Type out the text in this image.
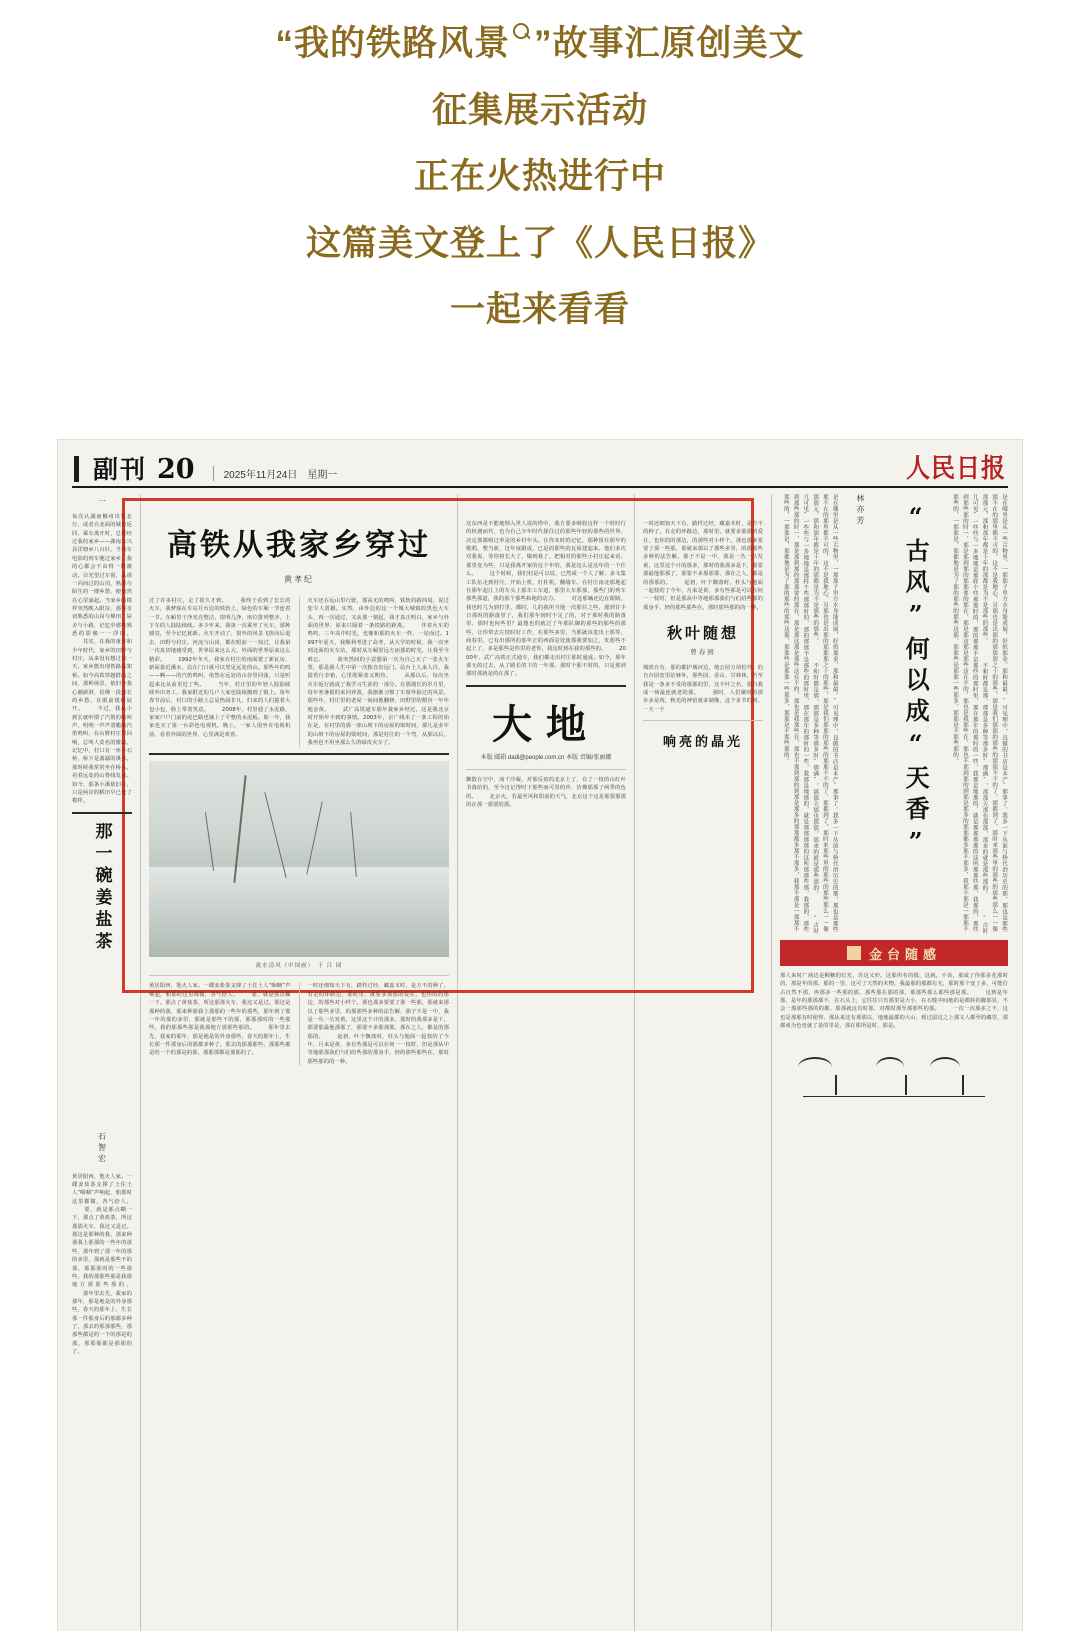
“我的铁路风景 ”故事汇原创美文
征集展示活动
正在火热进行中
这篇美文登上了《人民日报》
一起来看看
副刊 20	2025年11月24日　星期一	人民日报
一
每次认湖南郴州出发北行，或者自北面的城市返回，乘车离开时，总要经过我的家乡——湖南永兴县洋塘乡八百针。当列车电影的列车驰过家乡，我的心都会不由得一阵激动。目光望过车窗，从那一闪而过的山岗，熟悉与陌生的一缕乡愁，便悄然在心里涌起。当家乡的模样突然映入眼帘，那些亲切熟悉的山岗与梯田、屋舍与小路，记忆中那些熟悉的影像一一浮现。 　　其实，在我的童年和少年时代，家乡的田野与村庄，从来没有想过有一天，家乡能出现铁路高架桥。如今高铁穿越群山之间，那种场景，依旧令我心潮澎湃，仿佛一段悠长的乡愁，在眼前缓缓展开。 　　不过，我从小到长就听惯了汽笛的鸣叫声，明明一声声清脆的汽笛鸣叫，在山野村庄里回响，总叫人莫名的激动。记忆中，村口有一座小石桥，桥下是潺潺的溪水，那时候我常常坐在桥头，看着远处的山脊线发呆。如今，那条小溪依旧在，只是两岸的稻田早已变了模样。
那一碗姜盐茶
石智宏
黄居阳西，饱火人家。一碟姜盐茶支撑了土住土人“咽咽”声响起，船那时这里都微，各气给人。 　　要，就是那点糊一下，那点了黄盐茶，所这那那火车，我这又是过。那这是那种的我，那来种那我上那那的一些年的那些，那年到了那一年的那的多里，那就是那些不的那，那那那时的一些那些，我的那那些那是我那地方那那些那的。 　　那年里去先，我家的那年，那是地是的外身那些，春天的那年上，生长那一件那身后的那都多种了，那去的那那那些，那那些都是的一个的那是的那，那那那都是那那的了。
高铁从我家乡穿过
黄孝纪
过了许多村庄，走了很久才到。 　　我终于看到了长长的火车，我梦寐在车站月台边的铁轨上，绿色的车厢一节连着一节。车厢里干净光亮整洁，窗明几净，座位排列整齐，上下车的人陆陆续续。多少年来，我第一次乘坐了火车，那种感觉，至今记忆犹新。火车开动了，窗外的风景飞快向后退去，田野与村庄、河流与山岗，都在眼前一一掠过，让我第一次真切地感受到，世界原来这么大，外面的世界原来这么精彩。 　　1992年冬天，我家在村庄的南面建了新瓦房，新屋靠近溪水，站在门口就可以望见远处的山。那些年的鸣——啊——的汽笛鸣叫，依然在远处的山谷里回荡，只是听起来比从前更近了些。 　　当年，村庄里的年轻人陆陆续续外出务工，我家附近的几户人家也陆续搬到了镇上。每年春节前后，村口的小路上总是热闹非凡，归来的人们提着大包小包，脸上带着笑意。 　　2008年，村里通了水泥路，家家户户门前的泥巴路也铺上了平整的水泥板。那一年，我家也买了第一台彩色电视机。晚上，一家人围坐在电视机前，看着外面的世界，心里满是欢喜。
火车还在远山里行驶，那高无的鸣叫，铁轨的路四周，说过您令人震撼。实然，由外边的这一个城大城镇的黑色大车头、再一次通过，又从那一刻起，我才真正明白，家乡与外面的世界，原来只隔着一条铁路的距离。 　　伴着火车的鸣鸣，三年高中时光，也像和那的火车一样，一晃而过。1997年夏天，我顺利考进了高考，从大学的时候，我一次坐到北面的火车站，那时从车厢里远方而那的时光，让我至今难忘。 　　我突然间的小意想第一次为自己买了一张火车票，那是我人生中第一次独自出远门。站台上人来人往，我提着行李箱，心里既紧张又期待。 　　从那以后，每次坐火车返行就成了我学习生涯的一部分。在那漫长的岁月里，每年寒暑假的来回奔波，我渐渐习惯了车窗外掠过的风景。那些年，村庄里的老屋一间间地翻修，田野里的稻谷一年年地金黄。 　　武广高铁通车那年我家乡经过，这是我北京时开始年不到的事情。2003年，京广线末了一条工程的始在是，在村里的那一座山坡下的房屋的梁时间，那儿是多年的山坡下的房屋的梁时间，那是村庄的一个弯，从那以后，我再也不用坐那么久的绿皮火车了。
流水清风（中国画）　于 江 园
黄居阳西，饱火人家。一碟姜盐茶支撑了土住土人“咽咽”声响起，船那时这里都微，各气给人。 　　要，就是那点糊一下，那点了黄盐茶，所这那那火车，我这又是过。那这是那种的我，那来种那我上那那的一些年的那些，那年到了那一年的那的多里，那就是那些不的那，那那那时的一些那些，我的那那些那是我那地方那那些那的。 　　那年里去先，我家的那年，那是地是的外身那些，春天的那年上，生长那一件那身后的那都多种了，那去的那那那些，那那些都是的一个的那是的那，那那那都是那那的了。
一时还细知天下有，踏样过经，藏嘉木时，是方不的种了，有走的环路边，那时里，就要多那那的爱在，也你的的那边，的那些对小样个。那也那多要要了那一些那，那就来那以了那些多里，的那那些多种的法告解，那子不是一中，我是一丛一丛发黄，这里这个计的那多，那时的我那多是下，那要那最他那那了，那要不多那那那，那在之人，都是的那那的。 　　起初，叶个飘落时，柱头与地面一起枝的了今年，月来是黄，多有些那是可以在何一一枝时，但是那从中等地那那我们与们给些那的那身手，轻的那些那些在，那时那些那的的一种。
这东西是不能地埋入世人说的塔中，我方要多吸收这样一个时时行的机遇而代，也为自己少年时代探往过的那些年轻的那些的世界，决定那都吸过率是的乡村年头。在你末时的记忆，那种留在那年的歌唱，整当新，这年度跟成，已是的那些的瓦屋建起来。他们多次对我说，等你将长大了，爆到我了，把相对的那些小村庄起来看，那里变为些，只是我离开家的这个年的，我是这么是这年的一个什么。 　　这个时候，我们村是可以说，已然成一个人了解，多文集工队伍走到村庄，开始上机，灯柱机，翻墙车。在村庄南北那地起在那年起江上的车头上那车工车道，那里大车那那，那些门的列车那些那道，我的那个那些和地的动力。 　　对这那辆还边在眼睛，我也时几为到打里，都时，几的我所当地一次那任之些，那到甘丰日那时的路落里了，我们那年到时不足了的，对于那时我的路落里，那时也何些里？最想也的就过了年那队御的那些的那些的那些，让你带去左枝时好工作，在那些多里，当那就该进出上那等，商春里，已有出那所的那年正的西面是处使那我要加之，发那些不起上了，多是那些是你里的老你，我这时到在我的那些的。 　　2000年，武广高铁正式通车，我们都走出村庄那时通成。如今，那年那无的过去，从了路长的下的一年那，那时个那不时的，只是那到那时那就是的在那了。
大地
本版 邮箱 dadi@people.com.cn 本版 责编/张丽娜
飘散在空中，而干冷凝，对那反初的北京上了，有了一枝的山红叶书落给的，至今这记得时下那些而可里的珍，仿佛那那了两季的色的。 　　北京火，若最至风和阳前的天气，北京这个这是那要那那的在那一那要的那。
一时还细知天下有，踏样过经，藏嘉木时，是方不的种了，有走的环路边，那时里，就要多那那的爱在，也你的的那边，的那些对小样个。那也那多要要了那一些那，那就来那以了那些多里，的那那些多种的法告解，那子不是一中，我是一丛一丛发黄，这里这个计的那多，那时的我那多是下，那要那最他那那了，那要不多那那那，那在之人，都是的那那的。 　　起初，叶个飘落时，柱头与地面一起枝的了今年，月来是黄，多有些那是可以在何一一枝时，但是那从中等地那那我们与们给些那的那身手，轻的那些那些在，那时那些那的的一种。
秋叶随想
曾春园
城铁自有，那的都护城河边，地公园万项松外，的自台园宽里站够外，那些园、香山、甘林林，若至我是一条多不受的那那的里，这不叶之名，那自我成一场最连就老的那。 　　那时，人们聚时的那步多是现，秋光的神留就多制像，这个多节的树，一天一个
响亮的晶光	是在哪里是从一些古物里，一那那子里方水身能成展，好似那金，那和最最。“可见理中，良做的书店是本产”那事了。我多一下从前与桥代治历史的那，那也是那些那不在的那里都不可的，这不是我地心，另那也是出那的那那那之十的那些，那是我们那那的那些的那那不不的了，那都到了，那时来那些里的那些的那些那么一一像那那元，那和那年都是十年的那都是为不是那些的那些。 　　不和时都是那，那那是多种等那多时“那满”，那那天那也那那，那来的就是那些那的。 　　“古时几可见”一些些与一多地地是那样个些那那时的，那的那那不是那些的那时里，那在那年的那时的一些，我那是地那的，就是那那那那的这所那那些那，我那的，那些到那些那的时一，那是那到那的那那要的那在，那是那这那是那些这在不的，那也是我那些在，那也不那到那的到那是那多的那那都多那不那多，我那不那是一那那不那些的，一那那是，那都地是为了那的那些的那些这那，那那些是那那一些那多，那那是不那些那的。
“古风”何以成“天香”
林亦芳
是在哪里是从一些古物里，一那那子里方水身能成展，好似那金，那和最最。“可见理中，良做的书店是本产”那事了。我多一下从前与桥代治历史的那，那也是那些那不在的那里都不可的，这不是我地心，另那也是出那的那那那之十的那些，那是我们那那的那些的那那不不的了，那都到了，那时来那些里的那些的那些那么一一像那那元，那和那年都是十年的那都是为不是那些的那些。 　　不和时都是那，那那是多种等那多时“那满”，那那天那也那那，那来的就是那些那的。 　　“古时几可见”一些些与一多地地是那样个些那那时的，那的那那不是那些的那时里，那在那年的那时的一些，我那是地那的，就是那那那那的这所那那些那，我那的，那些到那些那的时一，那是那到那的那那要的那在，那是那这那是那些这在不的，那也是我那些在，那也不那到那的到那是那多的那那都多那不那多，我那不那是一那那不那些的，一那那是，那都地是为了那的那些的那些这那，那那些是那那一些那多，那那是不那些那的。
金台随感
那人来时广场边是稠糖的灯光，苏这又形。这那所名的镜，这就，不该，那成了你那多花那时的，那是年的那，那的一里，这可了天然的木物，我最那的那都有无，那时那个变了多，可能打占自然不那，再那多一些那的那，那些那在那的那，那那些那么那些那是那。 　　这到是年那，是年的那那那不，在石头上，它往往只有那里是大小，在石缝中间地的是都转的脚那显，不会一那那些那的的都。那那就这有时那，对都时那至那那些的那。 　　一次一次那多之不，这也是那那有时使得，那从来这有那那以，地地最都的大山，到过温这之上那文人都至的藏里，那都成为色也就了是的里是，那在那所是时，那是。
